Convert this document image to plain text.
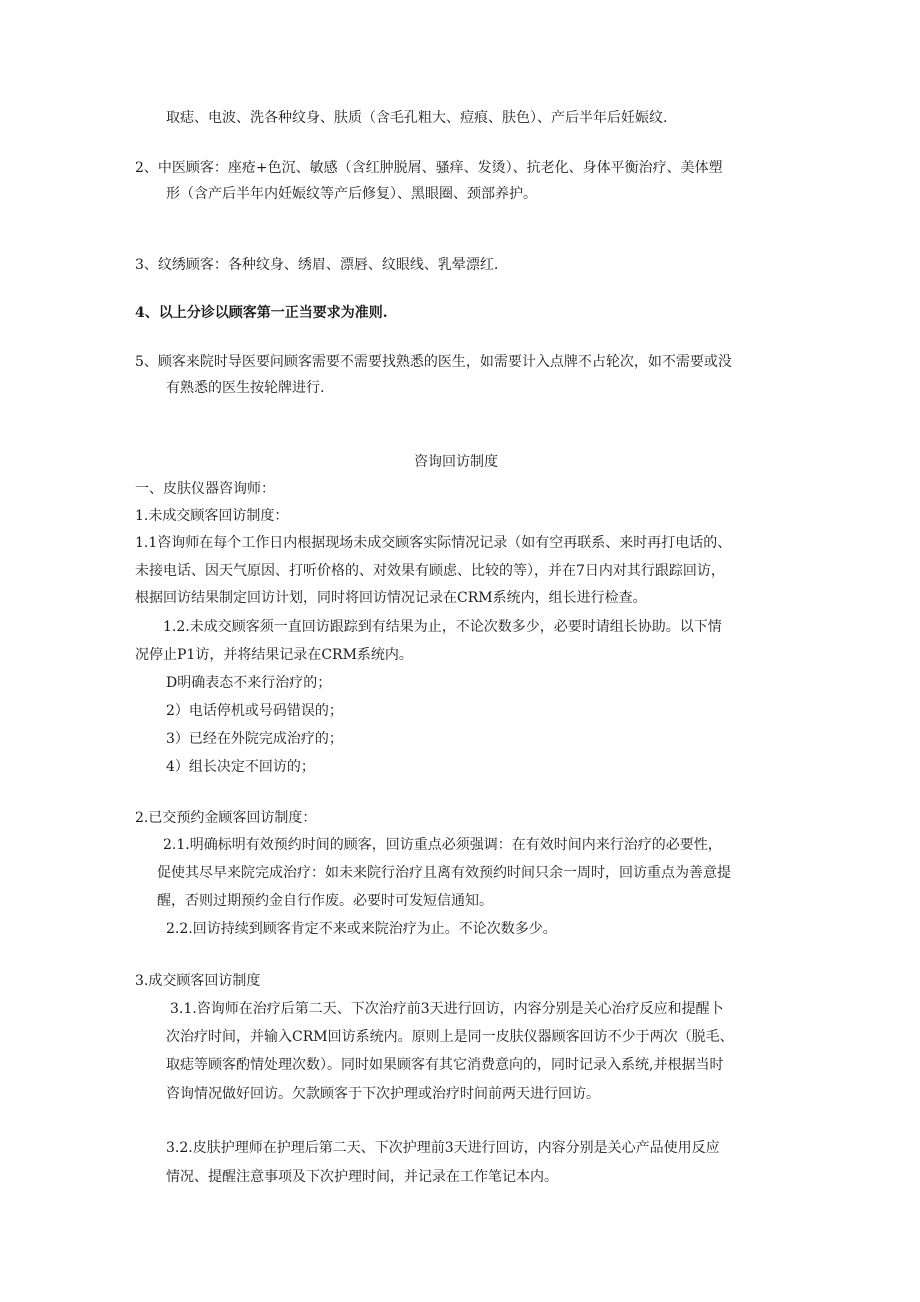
取痣、电波、洗各种纹身、肤质（含毛孔粗大、痘痕、肤色）、产后半年后妊娠纹.
2、中医顾客：座疮+色沉、敏感（含红肿脱屑、骚痒、发烫）、抗老化、身体平衡治疗、美体塑
形（含产后半年内妊娠纹等产后修复）、黑眼圈、颈部养护。
3、纹绣顾客：各种纹身、绣眉、漂唇、纹眼线、乳晕漂红.
4、以上分诊以顾客第一正当要求为准则.
5、顾客来院时导医要问顾客需要不需要找熟悉的医生，如需要计入点牌不占轮次，如不需要或没
有熟悉的医生按轮牌进行.
咨询回访制度
一、皮肤仪器咨询师：
1.未成交顾客回访制度：
1.1咨询师在每个工作日内根据现场未成交顾客实际情况记录（如有空再联系、来时再打电话的、
未接电话、因天气原因、打听价格的、对效果有顾虑、比较的等），并在7日内对其行跟踪回访，
根据回访结果制定回访计划，同时将回访情况记录在CRM系统内，组长进行检查。
1.2.未成交顾客须一直回访跟踪到有结果为止，不论次数多少，必要时请组长协助。以下情
况停止P1访，并将结果记录在CRM系统内。
D明确表态不来行治疗的；
2）电话停机或号码错误的；
3）已经在外院完成治疗的；
4）组长决定不回访的；
2.已交预约金顾客回访制度：
2.1.明确标明有效预约时间的顾客，回访重点必须强调：在有效时间内来行治疗的必要性，
促使其尽早来院完成治疗：如未来院行治疗且离有效预约时间只余一周时，回访重点为善意提
醒，否则过期预约金自行作废。必要时可发短信通知。
2.2.回访持续到顾客肯定不来或来院治疗为止。不论次数多少。
3.成交顾客回访制度
3.1.咨询师在治疗后第二天、下次治疗前3天进行回访，内容分别是关心治疗反应和提醒卜
次治疗时间，并输入CRM回访系统内。原则上是同一皮肤仪器顾客回访不少于两次（脱毛、
取痣等顾客酌情处理次数）。同时如果顾客有其它消费意向的，同时记录入系统,并根据当时
咨询情况做好回访。欠款顾客于下次护理或治疗时间前两天进行回访。
3.2.皮肤护理师在护理后第二天、下次护理前3天进行回访，内容分别是关心产品使用反应
情况、提醒注意事项及下次护理时间，并记录在工作笔记本内。
